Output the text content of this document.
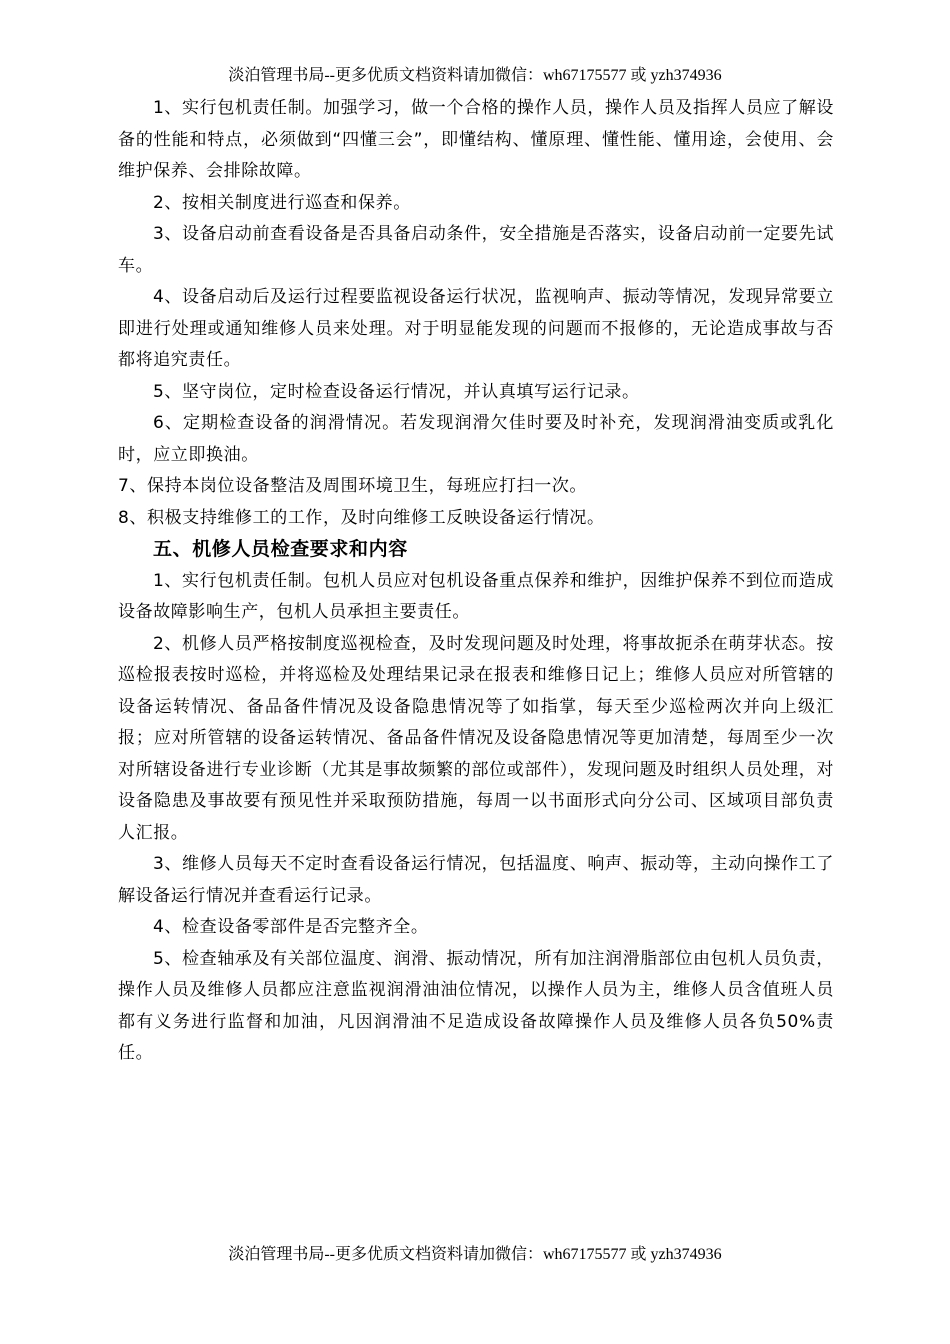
淡泊管理书局--更多优质文档资料请加微信：wh67175577 或 yzh374936

1、实行包机责任制。加强学习，做一个合格的操作人员，操作人员及指挥人员应了解设备的性能和特点，必须做到“四懂三会”，即懂结构、懂原理、懂性能、懂用途，会使用、会维护保养、会排除故障。

2、按相关制度进行巡查和保养。

3、设备启动前查看设备是否具备启动条件，安全措施是否落实，设备启动前一定要先试车。

4、设备启动后及运行过程要监视设备运行状况，监视响声、振动等情况，发现异常要立即进行处理或通知维修人员来处理。对于明显能发现的问题而不报修的，无论造成事故与否都将追究责任。

5、坚守岗位，定时检查设备运行情况，并认真填写运行记录。

6、定期检查设备的润滑情况。若发现润滑欠佳时要及时补充，发现润滑油变质或乳化时，应立即换油。

7、保持本岗位设备整洁及周围环境卫生，每班应打扫一次。

8、积极支持维修工的工作，及时向维修工反映设备运行情况。

五、机修人员检查要求和内容

1、实行包机责任制。包机人员应对包机设备重点保养和维护，因维护保养不到位而造成设备故障影响生产，包机人员承担主要责任。

2、机修人员严格按制度巡视检查，及时发现问题及时处理，将事故扼杀在萌芽状态。按巡检报表按时巡检，并将巡检及处理结果记录在报表和维修日记上；维修人员应对所管辖的设备运转情况、备品备件情况及设备隐患情况等了如指掌，每天至少巡检两次并向上级汇报；应对所管辖的设备运转情况、备品备件情况及设备隐患情况等更加清楚，每周至少一次对所辖设备进行专业诊断（尤其是事故频繁的部位或部件），发现问题及时组织人员处理，对设备隐患及事故要有预见性并采取预防措施，每周一以书面形式向分公司、区域项目部负责人汇报。

3、维修人员每天不定时查看设备运行情况，包括温度、响声、振动等，主动向操作工了解设备运行情况并查看运行记录。

4、检查设备零部件是否完整齐全。

5、检查轴承及有关部位温度、润滑、振动情况，所有加注润滑脂部位由包机人员负责，操作人员及维修人员都应注意监视润滑油油位情况，以操作人员为主，维修人员含值班人员都有义务进行监督和加油，凡因润滑油不足造成设备故障操作人员及维修人员各负50%责任。

淡泊管理书局--更多优质文档资料请加微信：wh67175577 或 yzh374936
